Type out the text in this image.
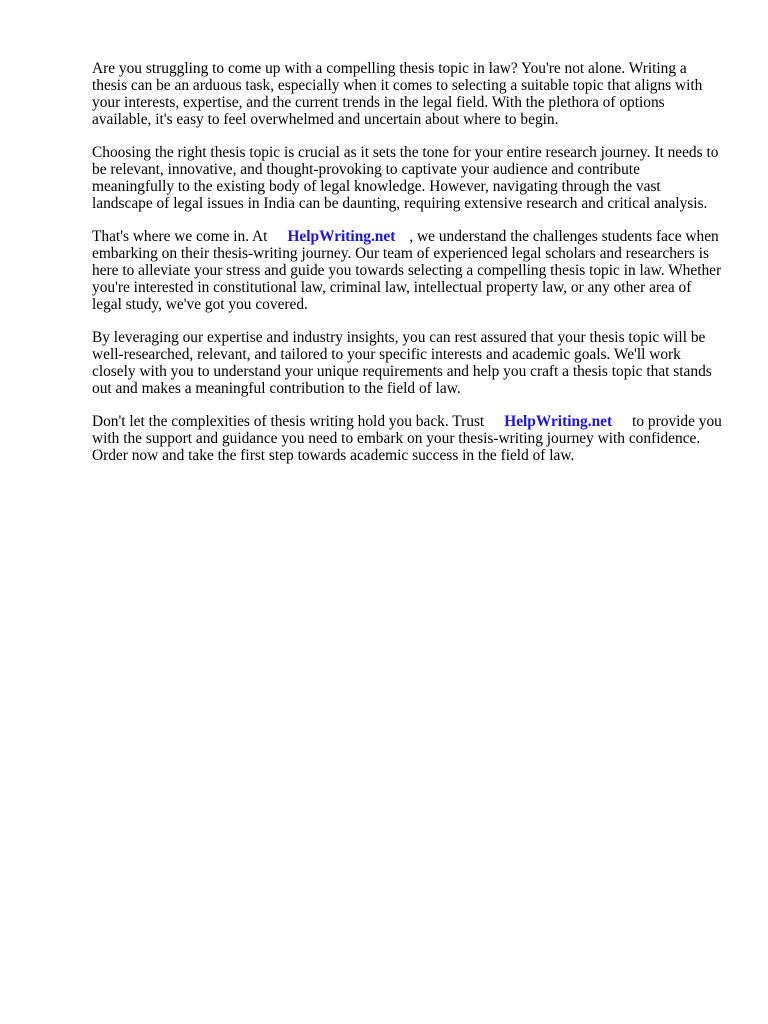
Are you struggling to come up with a compelling thesis topic in law? You're not alone. Writing a thesis can be an arduous task, especially when it comes to selecting a suitable topic that aligns with your interests, expertise, and the current trends in the legal field. With the plethora of options available, it's easy to feel overwhelmed and uncertain about where to begin.

Choosing the right thesis topic is crucial as it sets the tone for your entire research journey. It needs to be relevant, innovative, and thought-provoking to captivate your audience and contribute meaningfully to the existing body of legal knowledge. However, navigating through the vast landscape of legal issues in India can be daunting, requiring extensive research and critical analysis.

That's where we come in. At HelpWriting.net , we understand the challenges students face when embarking on their thesis-writing journey. Our team of experienced legal scholars and researchers is here to alleviate your stress and guide you towards selecting a compelling thesis topic in law. Whether you're interested in constitutional law, criminal law, intellectual property law, or any other area of legal study, we've got you covered.

By leveraging our expertise and industry insights, you can rest assured that your thesis topic will be well-researched, relevant, and tailored to your specific interests and academic goals. We'll work closely with you to understand your unique requirements and help you craft a thesis topic that stands out and makes a meaningful contribution to the field of law.

Don't let the complexities of thesis writing hold you back. Trust HelpWriting.net to provide you with the support and guidance you need to embark on your thesis-writing journey with confidence. Order now and take the first step towards academic success in the field of law.
